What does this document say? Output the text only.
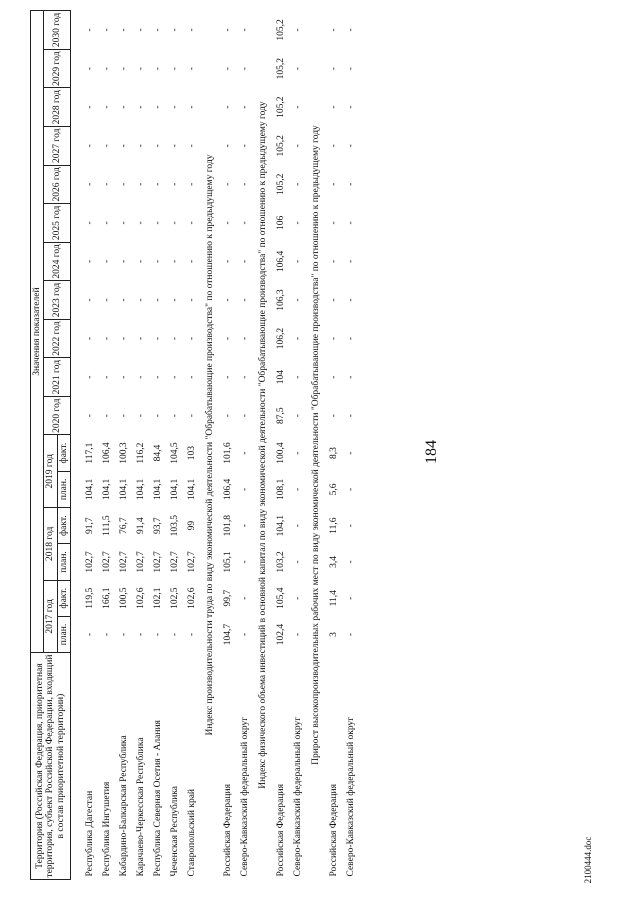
184
2100444.doc
Территория (Российская Федерация, приоритетная территория, субъект Российской Федерации, входящий в состав приоритетной территории)	Значения показателей																
	2017 год		2018 год		2019 год		2020 год	2021 год	2022 год	2023 год	2024 год	2025 год	2026 год	2027 год	2028 год	2029 год	2030 год
	план.	факт.	план.	факт.	план.	факт.											

Республика Дагестан	-	119,5	102,7	91,7	104,1	117,1	-	-	-	-	-	-	-	-	-	-	-
Республика Ингушетия	-	166,1	102,7	111,5	104,1	106,4	-	-	-	-	-	-	-	-	-	-	-
Кабардино-Балкарская Республика	-	100,5	102,7	76,7	104,1	100,3	-	-	-	-	-	-	-	-	-	-	-
Карачаево-Черкесская Республика	-	102,6	102,7	91,4	104,1	116,2	-	-	-	-	-	-	-	-	-	-	-
Республика Северная Осетия - Алания	-	102,1	102,7	93,7	104,1	84,4	-	-	-	-	-	-	-	-	-	-	-
Чеченская Республика	-	102,5	102,7	103,5	104,1	104,5	-	-	-	-	-	-	-	-	-	-	-
Ставропольский край	-	102,6	102,7	99	104,1	103	-	-	-	-	-	-	-	-	-	-	-
Индекс производительности труда по виду экономической деятельности "Обрабатывающие производства" по отношению к предыдущему году																	
Российская Федерация	104,7	99,7	105,1	101,8	106,4	101,6	-	-	-	-	-	-	-	-	-	-	-
Северо-Кавказский федеральный округ	-	-	-	-	-	-	-	-	-	-	-	-	-	-	-	-	-
Индекс физического объема инвестиций в основной капитал по виду экономической деятельности "Обрабатывающие производства" по отношению к предыдущему году																	
Российская Федерация	102,4	105,4	103,2	104,1	108,1	100,4	87,5	104	106,2	106,3	106,4	106	105,2	105,2	105,2	105,2	105,2
Северо-Кавказский федеральный округ	-	-	-	-	-	-	-	-	-	-	-	-	-	-	-	-	-
Прирост высокопроизводительных рабочих мест по виду экономической деятельности "Обрабатывающие производства" по отношению к предыдущему году																	
Российская Федерация	3	11,4	3,4	11,6	5,6	8,3	-	-	-	-	-	-	-	-	-	-	-
Северо-Кавказский федеральный округ	-	-	-	-	-	-	-	-	-	-	-	-	-	-	-	-	-
